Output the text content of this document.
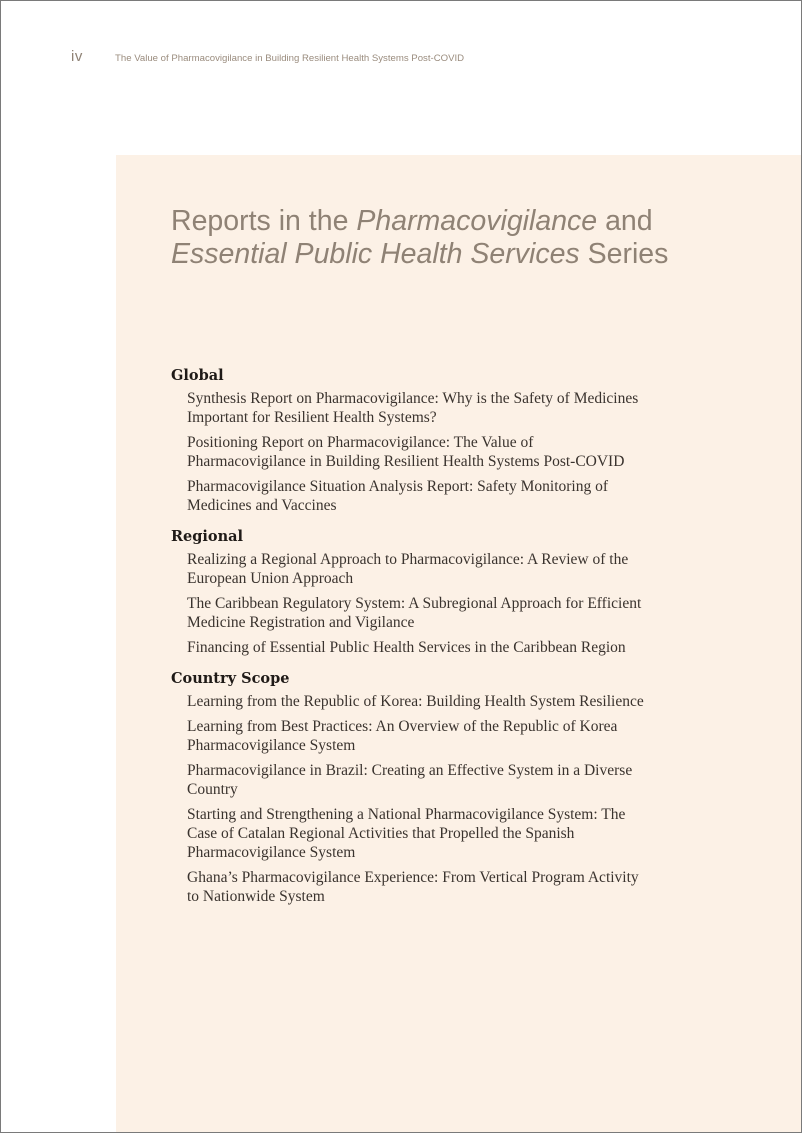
iv	The Value of Pharmacovigilance in Building Resilient Health Systems Post-COVID
Reports in the Pharmacovigilance and
Essential Public Health Services Series
Global
Synthesis Report on Pharmacovigilance: Why is the Safety of Medicines Important for Resilient Health Systems?
Positioning Report on Pharmacovigilance: The Value of Pharmacovigilance in Building Resilient Health Systems Post-COVID
Pharmacovigilance Situation Analysis Report: Safety Monitoring of Medicines and Vaccines
Regional
Realizing a Regional Approach to Pharmacovigilance: A Review of the European Union Approach
The Caribbean Regulatory System: A Subregional Approach for Efficient Medicine Registration and Vigilance
Financing of Essential Public Health Services in the Caribbean Region
Country Scope
Learning from the Republic of Korea: Building Health System Resilience
Learning from Best Practices: An Overview of the Republic of Korea Pharmacovigilance System
Pharmacovigilance in Brazil: Creating an Effective System in a Diverse Country
Starting and Strengthening a National Pharmacovigilance System: The Case of Catalan Regional Activities that Propelled the Spanish Pharmacovigilance System
Ghana’s Pharmacovigilance Experience: From Vertical Program Activity to Nationwide System
